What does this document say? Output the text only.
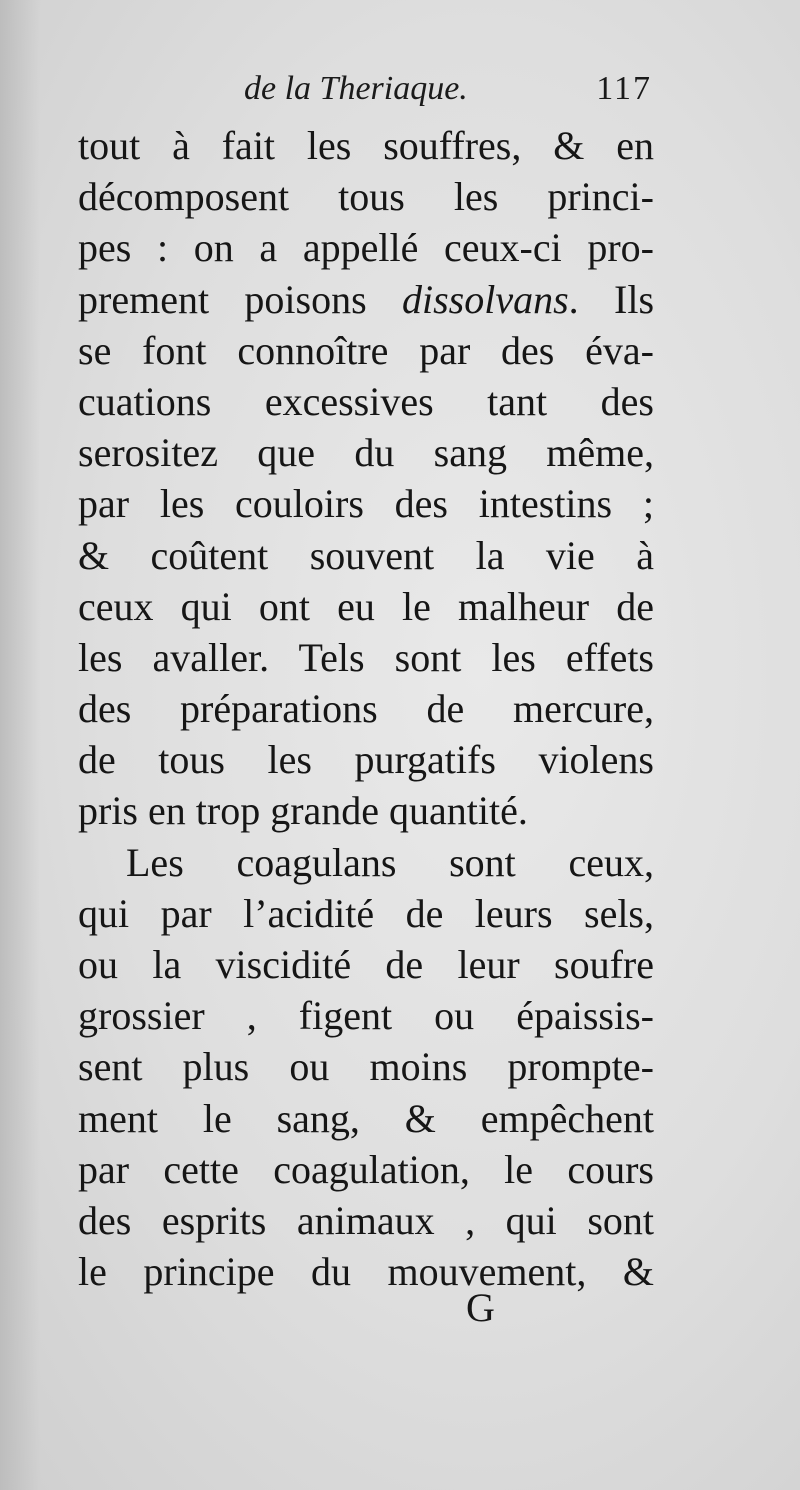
de la Theriaque.	117
tout à fait les souffres, & en
décomposent tous les princi-
pes : on a appellé ceux-ci pro-
prement poisons dissolvans. Ils
se font connoître par des éva-
cuations excessives tant des
serositez que du sang même,
par les couloirs des intestins ;
& coûtent souvent la vie à
ceux qui ont eu le malheur de
les avaller. Tels sont les effets
des préparations de mercure,
de tous les purgatifs violens
pris en trop grande quantité.
Les coagulans sont ceux,
qui par l’acidité de leurs sels,
ou la viscidité de leur soufre
grossier , figent ou épaissis-
sent plus ou moins prompte-
ment le sang, & empêchent
par cette coagulation, le cours
des esprits animaux , qui sont
le principe du mouvement, &
G
